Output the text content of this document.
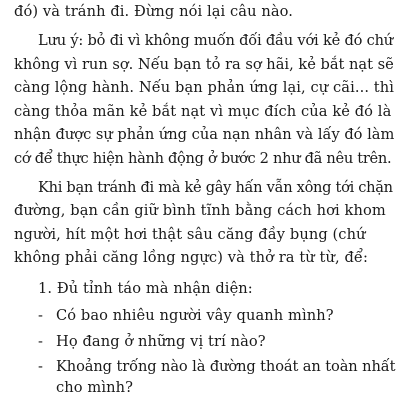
đó) và tránh đi. Đừng nói lại câu nào.
Lưu ý: bỏ đi vì không muốn đối đầu với kẻ đó chứ
không vì run sợ. Nếu bạn tỏ ra sợ hãi, kẻ bắt nạt sẽ
càng lộng hành. Nếu bạn phản ứng lại, cự cãi... thì
càng thỏa mãn kẻ bắt nạt vì mục đích của kẻ đó là
nhận được sự phản ứng của nạn nhân và lấy đó làm
cớ để thực hiện hành động ở bước 2 như đã nêu trên.
Khi bạn tránh đi mà kẻ gây hấn vẫn xông tới chặn
đường, bạn cần giữ bình tĩnh bằng cách hơi khom
người, hít một hơi thật sâu căng đầy bụng (chứ
không phải căng lồng ngực) và thở ra từ từ, để:
1. Đủ tỉnh táo mà nhận diện:
- Có bao nhiêu người vây quanh mình?
- Họ đang ở những vị trí nào?
- Khoảng trống nào là đường thoát an toàn nhất
cho mình?
